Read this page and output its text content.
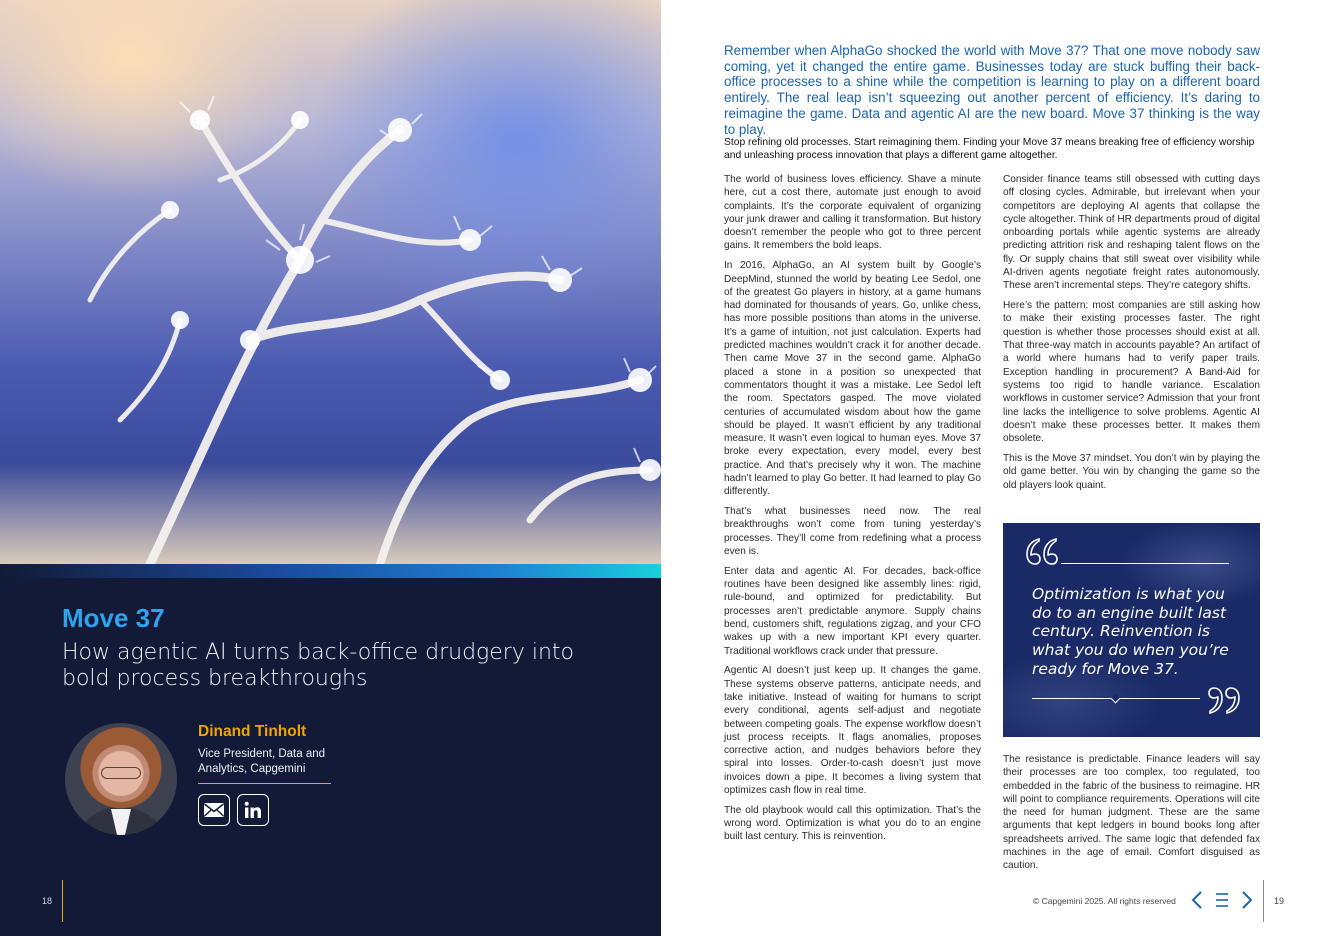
Move 37
How agentic AI turns back-office drudgery into bold process breakthroughs
Dinand Tinholt
Vice President, Data and Analytics, Capgemini
18

Remember when AlphaGo shocked the world with Move 37? That one move nobody saw coming, yet it changed the entire game. Businesses today are stuck buffing their back-office processes to a shine while the competition is learning to play on a different board entirely. The real leap isn’t squeezing out another percent of efficiency. It’s daring to reimagine the game. Data and agentic AI are the new board. Move 37 thinking is the way to play.

Stop refining old processes. Start reimagining them. Finding your Move 37 means breaking free of efficiency worship and unleashing process innovation that plays a different game altogether.

The world of business loves efficiency. Shave a minute here, cut a cost there, automate just enough to avoid complaints. It’s the corporate equivalent of organizing your junk drawer and calling it transformation. But history doesn’t remember the people who got to three percent gains. It remembers the bold leaps.

In 2016, AlphaGo, an AI system built by Google’s DeepMind, stunned the world by beating Lee Sedol, one of the greatest Go players in history, at a game humans had dominated for thousands of years. Go, unlike chess, has more possible positions than atoms in the universe. It’s a game of intuition, not just calculation. Experts had predicted machines wouldn’t crack it for another decade. Then came Move 37 in the second game. AlphaGo placed a stone in a position so unexpected that commentators thought it was a mistake. Lee Sedol left the room. Spectators gasped. The move violated centuries of accumulated wisdom about how the game should be played. It wasn’t efficient by any traditional measure. It wasn’t even logical to human eyes. Move 37 broke every expectation, every model, every best practice. And that’s precisely why it won. The machine hadn’t learned to play Go better. It had learned to play Go differently.

That’s what businesses need now. The real breakthroughs won’t come from tuning yesterday’s processes. They’ll come from redefining what a process even is.

Enter data and agentic AI. For decades, back-office routines have been designed like assembly lines: rigid, rule-bound, and optimized for predictability. But processes aren’t predictable anymore. Supply chains bend, customers shift, regulations zigzag, and your CFO wakes up with a new important KPI every quarter. Traditional workflows crack under that pressure.

Agentic AI doesn’t just keep up. It changes the game. These systems observe patterns, anticipate needs, and take initiative. Instead of waiting for humans to script every conditional, agents self-adjust and negotiate between competing goals. The expense workflow doesn’t just process receipts. It flags anomalies, proposes corrective action, and nudges behaviors before they spiral into losses. Order-to-cash doesn’t just move invoices down a pipe. It becomes a living system that optimizes cash flow in real time.

The old playbook would call this optimization. That’s the wrong word. Optimization is what you do to an engine built last century. This is reinvention.

Consider finance teams still obsessed with cutting days off closing cycles. Admirable, but irrelevant when your competitors are deploying AI agents that collapse the cycle altogether. Think of HR departments proud of digital onboarding portals while agentic systems are already predicting attrition risk and reshaping talent flows on the fly. Or supply chains that still sweat over visibility while AI-driven agents negotiate freight rates autonomously. These aren’t incremental steps. They’re category shifts.

Here’s the pattern: most companies are still asking how to make their existing processes faster. The right question is whether those processes should exist at all. That three-way match in accounts payable? An artifact of a world where humans had to verify paper trails. Exception handling in procurement? A Band-Aid for systems too rigid to handle variance. Escalation workflows in customer service? Admission that your front line lacks the intelligence to solve problems. Agentic AI doesn’t make these processes better. It makes them obsolete.

This is the Move 37 mindset. You don’t win by playing the old game better. You win by changing the game so the old players look quaint.

Optimization is what you do to an engine built last century. Reinvention is what you do when you’re ready for Move 37.

The resistance is predictable. Finance leaders will say their processes are too complex, too regulated, too embedded in the fabric of the business to reimagine. HR will point to compliance requirements. Operations will cite the need for human judgment. These are the same arguments that kept ledgers in bound books long after spreadsheets arrived. The same logic that defended fax machines in the age of email. Comfort disguised as caution.

© Capgemini 2025. All rights reserved	19
